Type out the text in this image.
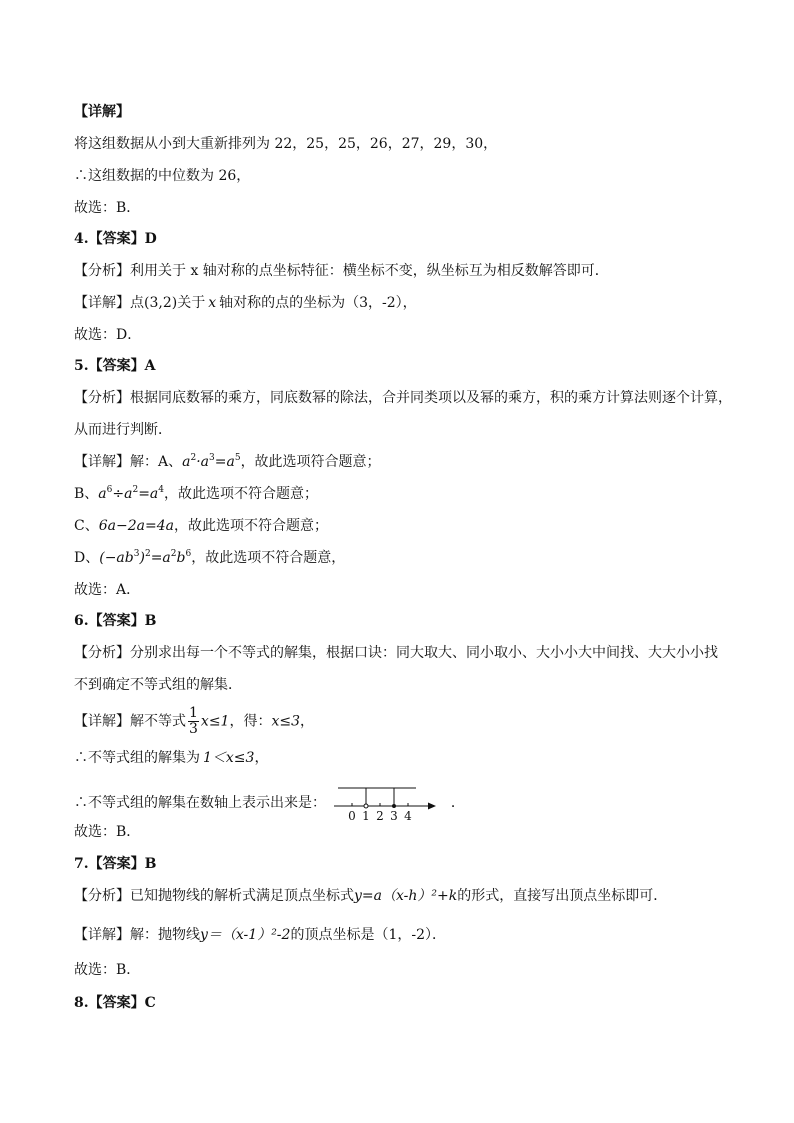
【详解】
将这组数据从小到大重新排列为 22，25，25，26，27，29，30，
∴这组数据的中位数为 26，
故选：B．
4.【答案】D
【分析】利用关于 x 轴对称的点坐标特征：横坐标不变，纵坐标互为相反数解答即可．
【详解】点(3,2)关于 x 轴对称的点的坐标为（3，-2），
故选：D．
5.【答案】A
【分析】根据同底数幂的乘方，同底数幂的除法，合并同类项以及幂的乘方，积的乘方计算法则逐个计算，
从而进行判断．
【详解】解：A、$a^2\cdot a^3=a^5$，故此选项符合题意；
B、$a^6\div a^2=a^4$，故此选项不符合题意；
C、6a−2a=4a，故此选项不符合题意；
D、$(-ab^3)^2=a^2b^6$，故此选项不符合题意，
故选：A．
6.【答案】B
【分析】分别求出每一个不等式的解集，根据口诀：同大取大、同小取小、大小小大中间找、大大小小找
不到确定不等式组的解集．
【详解】解不等式 $\frac{1}{3} x\le 1$，得：x≤3，
∴不等式组的解集为 1＜x≤3，
∴不等式组的解集在数轴上表示出来是：
0 1 2 3 4
．
故选：B．
7.【答案】B
【分析】已知抛物线的解析式满足顶点坐标式y=a（x-h）²+k的形式，直接写出顶点坐标即可．
【详解】解：抛物线y＝（x-1）²-2的顶点坐标是（1，-2）．
故选：B．
8.【答案】C
